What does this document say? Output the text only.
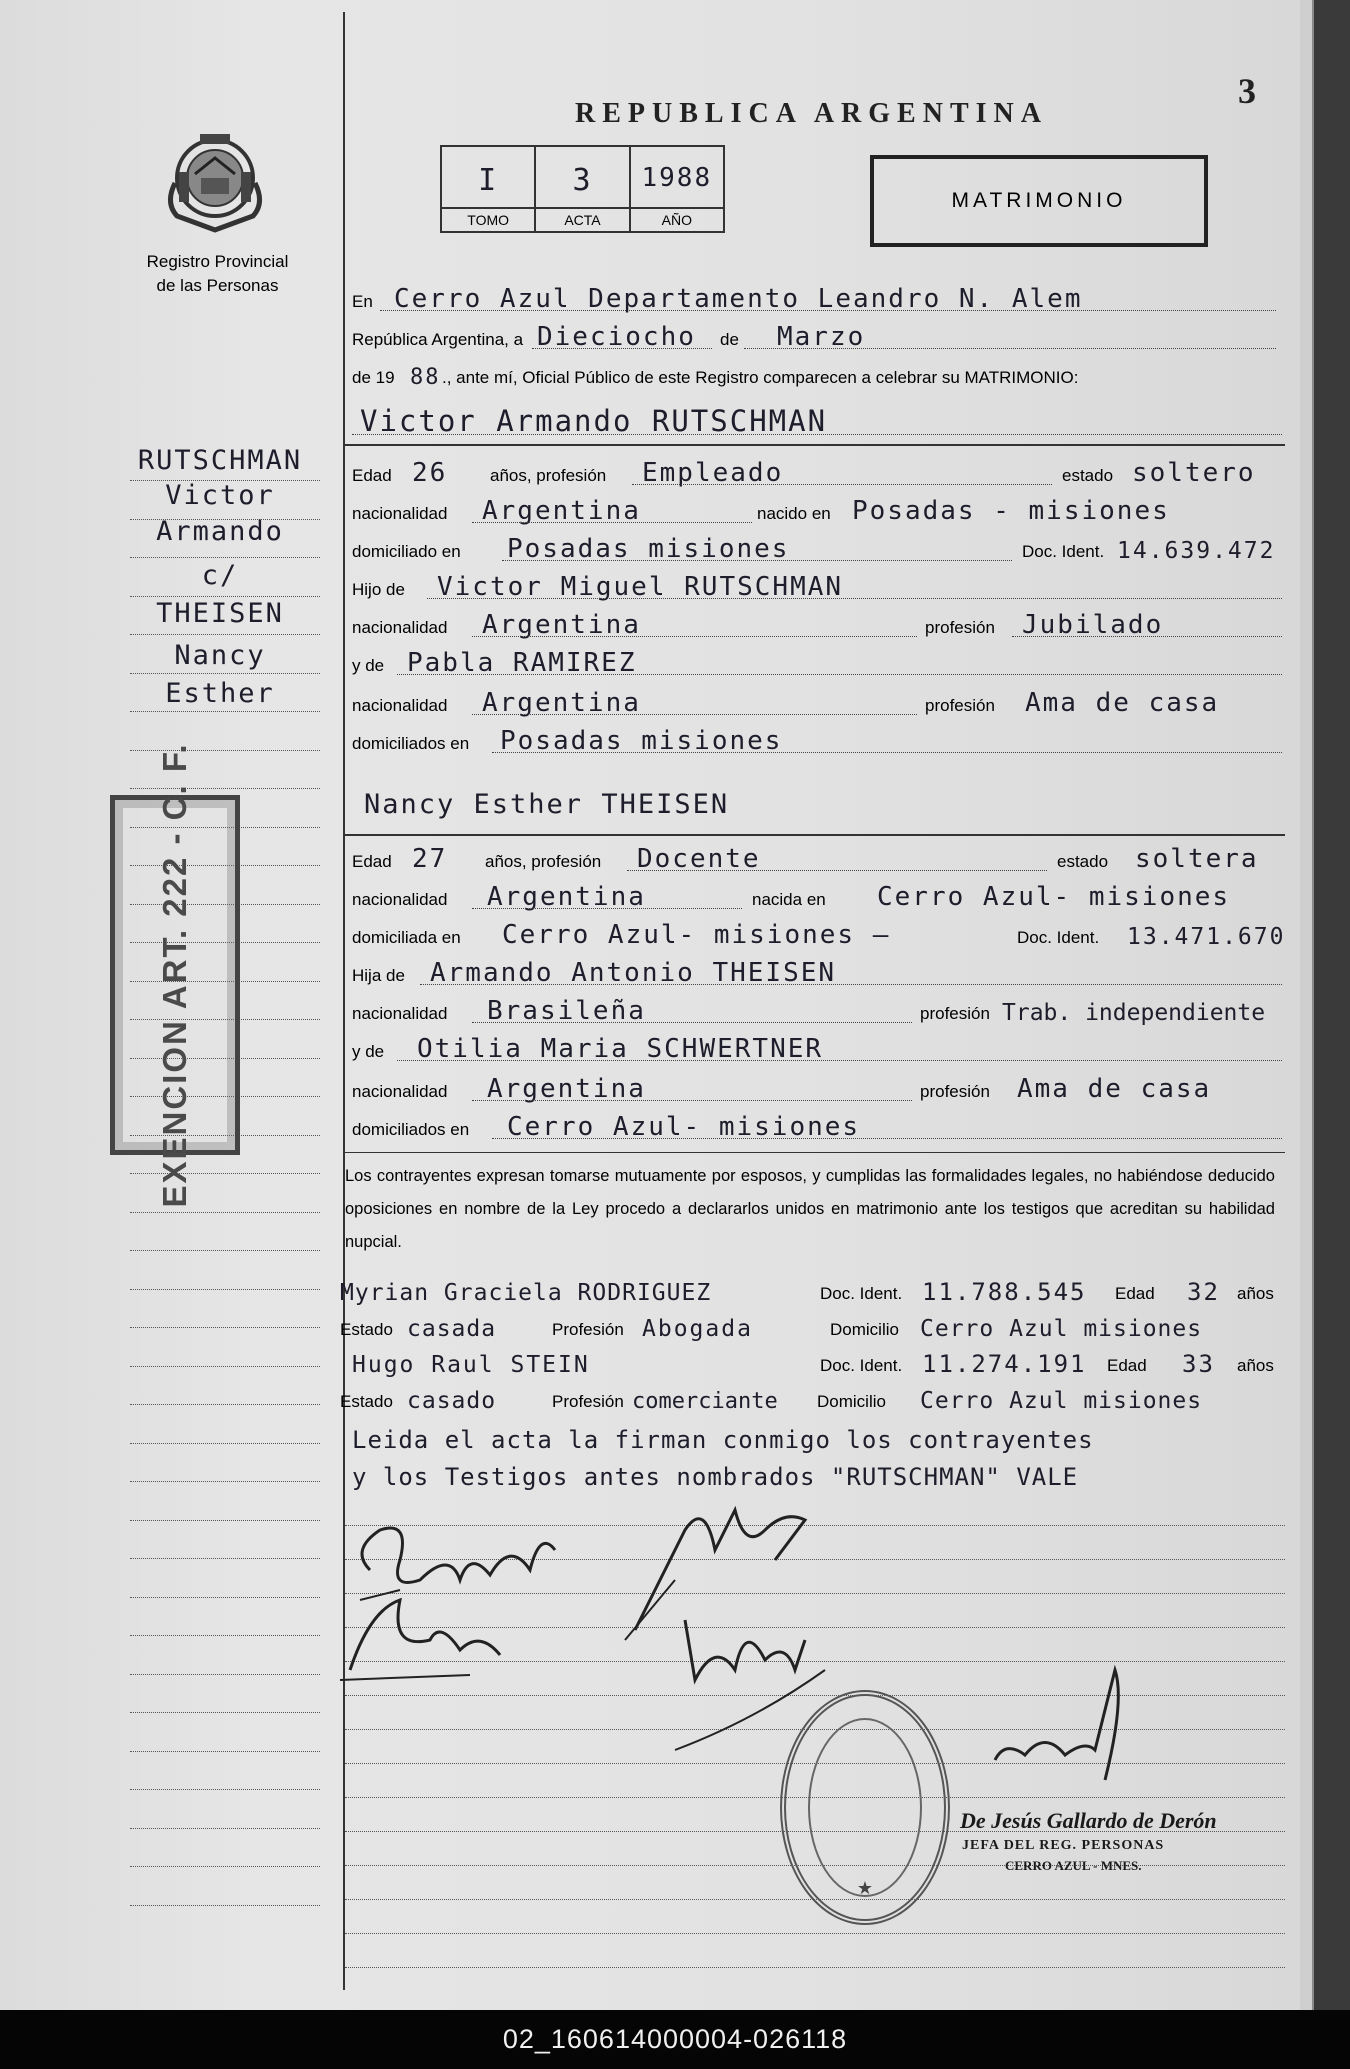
Registro Provincial
de las Personas
RUTSCHMAN
Victor
Armando
c/
THEISEN
Nancy
Esther
EXENCION ART. 222 - C. F.
REPUBLICA ARGENTINA
3
I
TOMO
3
ACTA
1988
AÑO
MATRIMONIO
En Cerro Azul Departamento Leandro N. Alem
República Argentina, a Dieciocho de Marzo
de 19 88 ., ante mí, Oficial Público de este Registro comparecen a celebrar su MATRIMONIO:
Victor Armando RUTSCHMAN
Edad 26	años, profesión Empleado	estado soltero
nacionalidad Argentina	nacido en Posadas - misiones
domiciliado en Posadas misiones	Doc. Ident. 14.639.472
Hijo de Victor Miguel RUTSCHMAN
nacionalidad Argentina	profesión Jubilado
y de Pabla RAMIREZ
nacionalidad Argentina	profesión Ama de casa
domiciliados en Posadas misiones
Nancy Esther THEISEN
Edad 27 años, profesión Docente	estado soltera
nacionalidad Argentina	nacida en Cerro Azul- misiones
domiciliada en Cerro Azul- misiones —	Doc. Ident. 13.471.670
Hija de Armando Antonio THEISEN
nacionalidad Brasileña	profesión Trab. independiente
y de Otilia Maria SCHWERTNER
nacionalidad Argentina	profesión Ama de casa
domiciliados en Cerro Azul- misiones
Los contrayentes expresan tomarse mutuamente por esposos, y cumplidas las formalidades legales, no habiéndose deducido oposiciones en nombre de la Ley procedo a declararlos unidos en matrimonio ante los testigos que acreditan su habilidad nupcial.
Myrian Graciela RODRIGUEZ	Doc. Ident. 11.788.545 Edad 32 años
Estado casada	Profesión Abogada	Domicilio Cerro Azul misiones
Hugo Raul STEIN	Doc. Ident. 11.274.191 Edad 33 años
Estado casado	Profesión comerciante Domicilio Cerro Azul misiones
Leida el acta la firman conmigo los contrayentes
y los Testigos antes nombrados "RUTSCHMAN" VALE
★
De Jesús Gallardo de Derón
JEFA DEL REG. PERSONAS
CERRO AZUL - MNES.
02_160614000004-026118
